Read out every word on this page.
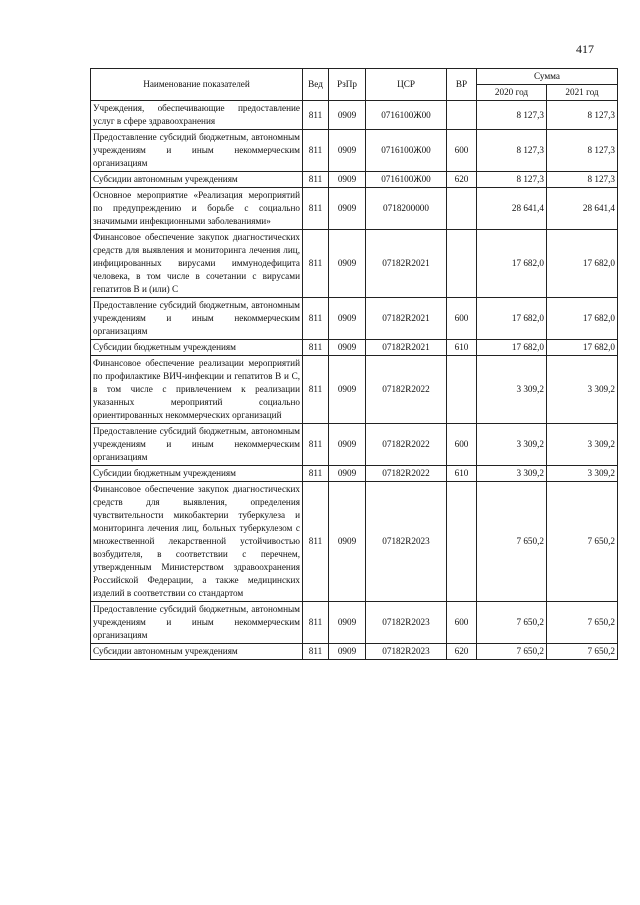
417
Наименование показателей	Вед	РзПр	ЦСР	ВР	Сумма	
					2020 год	2021 год
Учреждения, обеспечивающие предоставление услуг в сфере здравоохранения	811	0909	0716100Ж00		8 127,3	8 127,3
Предоставление субсидий бюджетным, автономным учреждениям и иным некоммерческим организациям	811	0909	0716100Ж00	600	8 127,3	8 127,3
Субсидии автономным учреждениям	811	0909	0716100Ж00	620	8 127,3	8 127,3
Основное мероприятие «Реализация мероприятий по предупреждению и борьбе с социально значимыми инфекционными заболеваниями»	811	0909	0718200000		28 641,4	28 641,4
Финансовое обеспечение закупок диагностических средств для выявления и мониторинга лечения лиц, инфицированных вирусами иммунодефицита человека, в том числе в сочетании с вирусами гепатитов В и (или) С	811	0909	07182R2021		17 682,0	17 682,0
Предоставление субсидий бюджетным, автономным учреждениям и иным некоммерческим организациям	811	0909	07182R2021	600	17 682,0	17 682,0
Субсидии бюджетным учреждениям	811	0909	07182R2021	610	17 682,0	17 682,0
Финансовое обеспечение реализации мероприятий по профилактике ВИЧ-инфекции и гепатитов В и С, в том числе с привлечением к реализации указанных мероприятий социально ориентированных некоммерческих организаций	811	0909	07182R2022		3 309,2	3 309,2
Предоставление субсидий бюджетным, автономным учреждениям и иным некоммерческим организациям	811	0909	07182R2022	600	3 309,2	3 309,2
Субсидии бюджетным учреждениям	811	0909	07182R2022	610	3 309,2	3 309,2
Финансовое обеспечение закупок диагностических средств для выявления, определения чувствительности микобактерии туберкулеза и мониторинга лечения лиц, больных туберкулезом с множественной лекарственной устойчивостью возбудителя, в соответствии с перечнем, утвержденным Министерством здравоохранения Российской Федерации, а также медицинских изделий в соответствии со стандартом	811	0909	07182R2023		7 650,2	7 650,2
Предоставление субсидий бюджетным, автономным учреждениям и иным некоммерческим организациям	811	0909	07182R2023	600	7 650,2	7 650,2
Субсидии автономным учреждениям	811	0909	07182R2023	620	7 650,2	7 650,2
